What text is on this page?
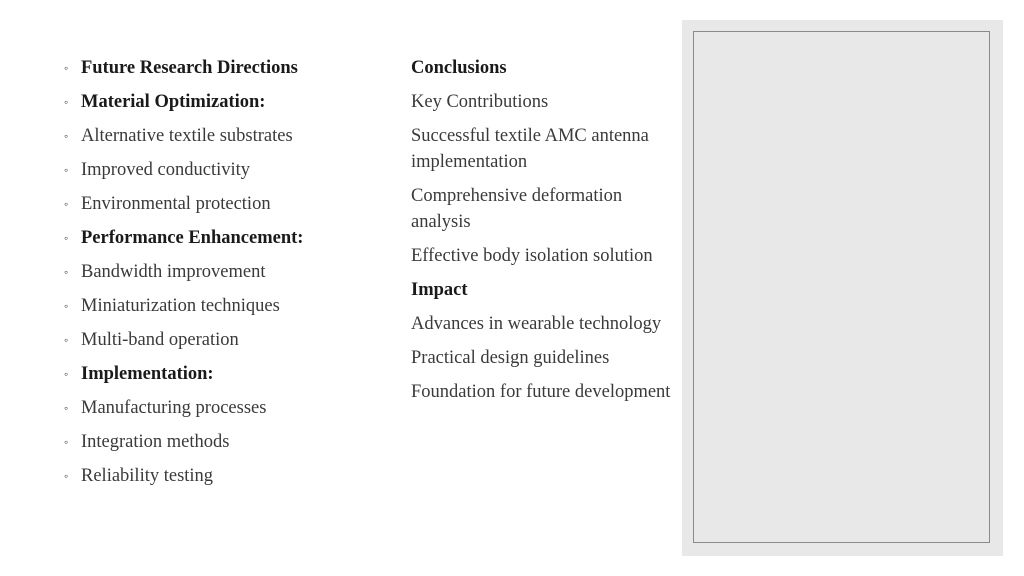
◦ Future Research Directions
◦ Material Optimization:
◦ Alternative textile substrates
◦ Improved conductivity
◦ Environmental protection
◦ Performance Enhancement:
◦ Bandwidth improvement
◦ Miniaturization techniques
◦ Multi-band operation
◦ Implementation:
◦ Manufacturing processes
◦ Integration methods
◦ Reliability testing
Conclusions
Key Contributions
Successful textile AMC antenna implementation
Comprehensive deformation analysis
Effective body isolation solution
Impact
Advances in wearable technology
Practical design guidelines
Foundation for future development
